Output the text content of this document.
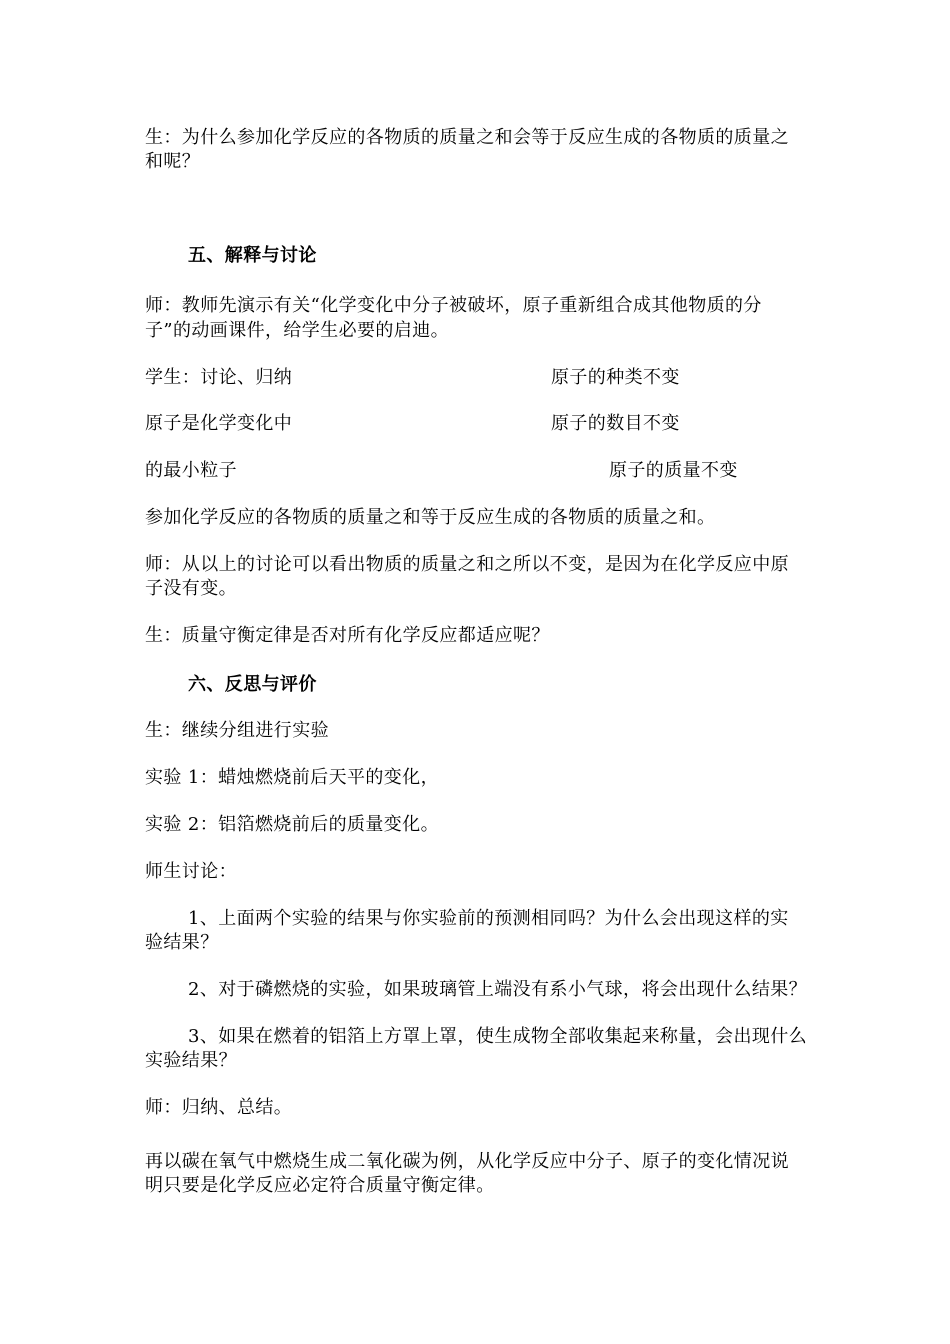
生：为什么参加化学反应的各物质的质量之和会等于反应生成的各物质的质量之
和呢？
五、解释与讨论
师：教师先演示有关“化学变化中分子被破坏，原子重新组合成其他物质的分
子”的动画课件，给学生必要的启迪。
学生：讨论、归纳	原子的种类不变
原子是化学变化中	原子的数目不变
的最小粒子	原子的质量不变
参加化学反应的各物质的质量之和等于反应生成的各物质的质量之和。
师：从以上的讨论可以看出物质的质量之和之所以不变，是因为在化学反应中原
子没有变。
生：质量守衡定律是否对所有化学反应都适应呢？
六、反思与评价
生：继续分组进行实验
实验 1：蜡烛燃烧前后天平的变化，
实验 2：铝箔燃烧前后的质量变化。
师生讨论：
1、上面两个实验的结果与你实验前的预测相同吗？为什么会出现这样的实
验结果？
2、对于磷燃烧的实验，如果玻璃管上端没有系小气球，将会出现什么结果？
3、如果在燃着的铝箔上方罩上罩，使生成物全部收集起来称量，会出现什么
实验结果？
师：归纳、总结。
再以碳在氧气中燃烧生成二氧化碳为例，从化学反应中分子、原子的变化情况说
明只要是化学反应必定符合质量守衡定律。
